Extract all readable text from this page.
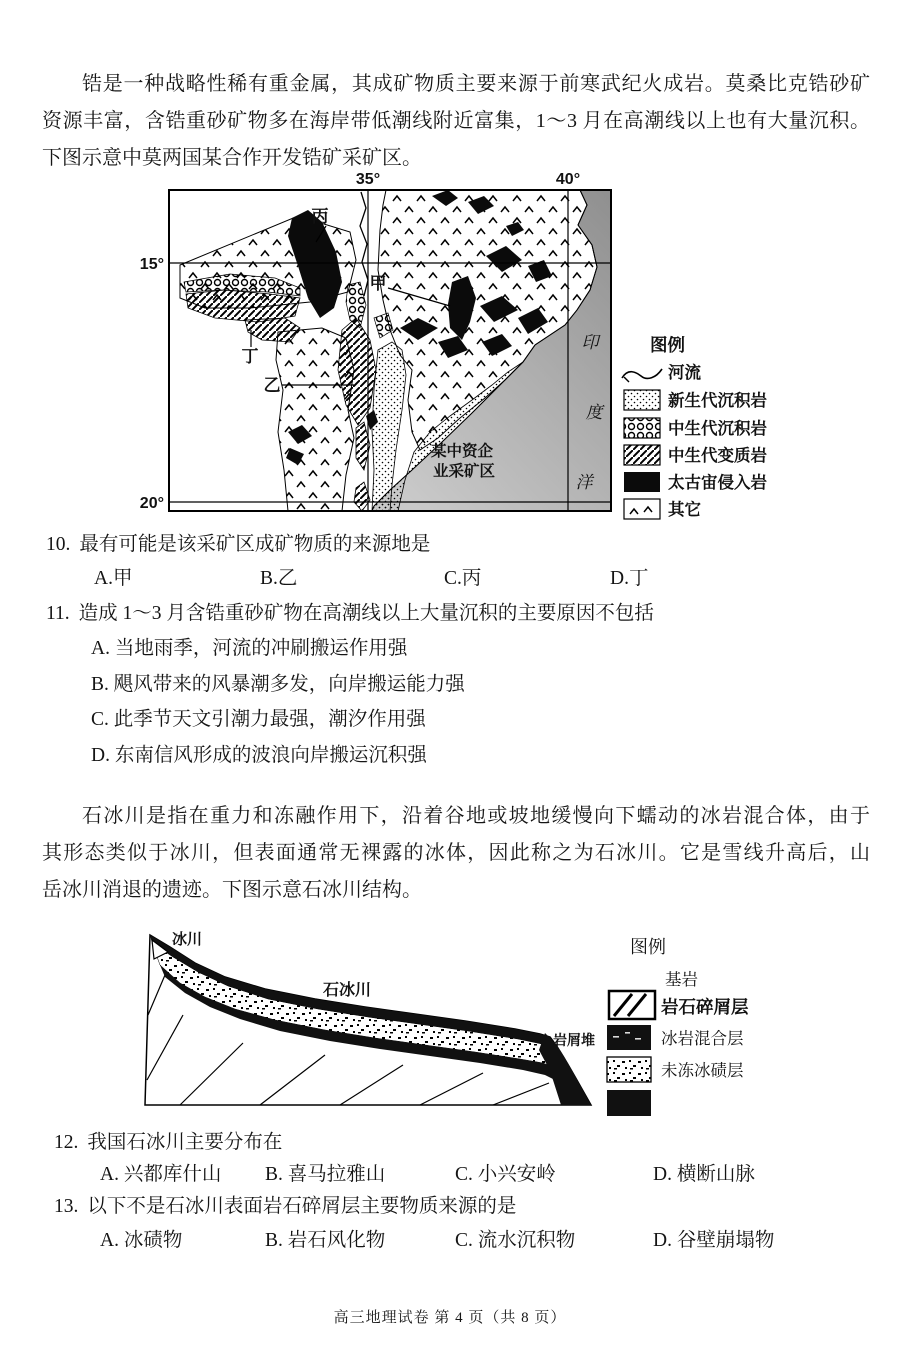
锆是一种战略性稀有重金属，其成矿物质主要来源于前寒武纪火成岩。莫桑比克锆砂矿
资源丰富，含锆重砂矿物多在海岸带低潮线附近富集，1～3 月在高潮线以上也有大量沉积。
下图示意中莫两国某合作开发锆矿采矿区。
35°	40°
15°
20°
丙
甲
丁
乙
印
度
洋
某中资企
业采矿区
图例
河流
新生代沉积岩
中生代沉积岩
中生代变质岩
太古宙侵入岩
其它
10. 最有可能是该采矿区成矿物质的来源地是
A.甲	B.乙	C.丙	D.丁
11. 造成 1～3 月含锆重砂矿物在高潮线以上大量沉积的主要原因不包括
A. 当地雨季，河流的冲刷搬运作用强
B. 飓风带来的风暴潮多发，向岸搬运能力强
C. 此季节天文引潮力最强，潮汐作用强
D. 东南信风形成的波浪向岸搬运沉积强
石冰川是指在重力和冻融作用下，沿着谷地或坡地缓慢向下蠕动的冰岩混合体，由于
其形态类似于冰川，但表面通常无裸露的冰体，因此称之为石冰川。它是雪线升高后，山
岳冰川消退的遗迹。下图示意石冰川结构。
冰川
石冰川
岩屑堆
图例
基岩
岩石碎屑层
冰岩混合层
未冻冰碛层
12. 我国石冰川主要分布在
A. 兴都库什山 B. 喜马拉雅山	C. 小兴安岭	D. 横断山脉
13. 以下不是石冰川表面岩石碎屑层主要物质来源的是
A. 冰碛物	B. 岩石风化物	C. 流水沉积物	D. 谷壁崩塌物
高三地理试卷 第 4 页（共 8 页）
